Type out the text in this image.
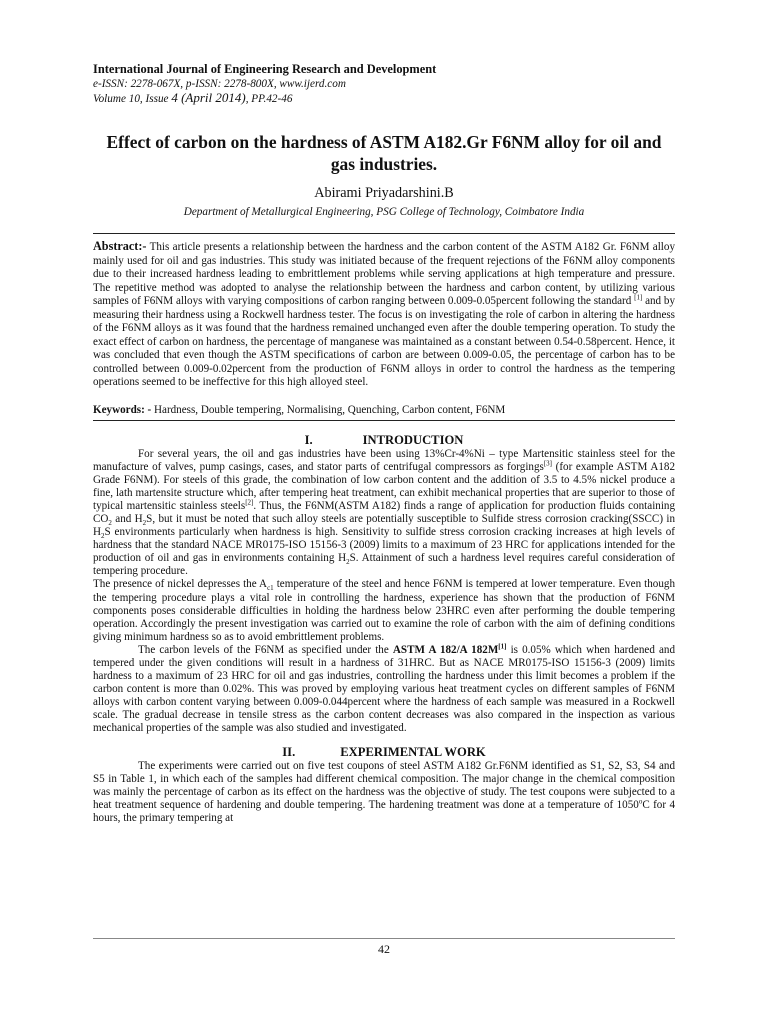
International Journal of Engineering Research and Development
e-ISSN: 2278-067X, p-ISSN: 2278-800X, www.ijerd.com
Volume 10, Issue 4 (April 2014), PP.42-46
Effect of carbon on the hardness of ASTM A182.Gr F6NM alloy for oil and gas industries.
Abirami Priyadarshini.B
Department of Metallurgical Engineering, PSG College of Technology, Coimbatore India
Abstract:- This article presents a relationship between the hardness and the carbon content of the ASTM A182 Gr. F6NM alloy mainly used for oil and gas industries. This study was initiated because of the frequent rejections of the F6NM alloy components due to their increased hardness leading to embrittlement problems while serving applications at high temperature and pressure. The repetitive method was adopted to analyse the relationship between the hardness and carbon content, by utilizing various samples of F6NM alloys with varying compositions of carbon ranging between 0.009-0.05percent following the standard [1] and by measuring their hardness using a Rockwell hardness tester. The focus is on investigating the role of carbon in altering the hardness of the F6NM alloys as it was found that the hardness remained unchanged even after the double tempering operation. To study the exact effect of carbon on hardness, the percentage of manganese was maintained as a constant between 0.54-0.58percent. Hence, it was concluded that even though the ASTM specifications of carbon are between 0.009-0.05, the percentage of carbon has to be controlled between 0.009-0.02percent from the production of F6NM alloys in order to control the hardness as the tempering operations seemed to be ineffective for this high alloyed steel.
Keywords: - Hardness, Double tempering, Normalising, Quenching, Carbon content, F6NM
I.	INTRODUCTION

For several years, the oil and gas industries have been using 13%Cr-4%Ni – type Martensitic stainless steel for the manufacture of valves, pump casings, cases, and stator parts of centrifugal compressors as forgings[3] (for example ASTM A182 Grade F6NM). For steels of this grade, the combination of low carbon content and the addition of 3.5 to 4.5% nickel produce a fine, lath martensite structure which, after tempering heat treatment, can exhibit mechanical properties that are superior to those of typical martensitic stainless steels[2]. Thus, the F6NM(ASTM A182) finds a range of application for production fluids containing $CO_2$ and $H_2S$, but it must be noted that such alloy steels are potentially susceptible to Sulfide stress corrosion cracking(SSCC) in $H_2S$ environments particularly when hardness is high. Sensitivity to sulfide stress corrosion cracking increases at high levels of hardness that the standard NACE MR0175-ISO 15156-3 (2009) limits to a maximum of 23 HRC for applications intended for the production of oil and gas in environments containing $H_2S$. Attainment of such a hardness level requires careful consideration of tempering procedure.

The presence of nickel depresses the $A_{c1}$ temperature of the steel and hence F6NM is tempered at lower temperature. Even though the tempering procedure plays a vital role in controlling the hardness, experience has shown that the production of F6NM components poses considerable difficulties in holding the hardness below 23HRC even after performing the double tempering operation. Accordingly the present investigation was carried out to examine the role of carbon with the aim of defining conditions giving minimum hardness so as to avoid embrittlement problems.

The carbon levels of the F6NM as specified under the ASTM A 182/A 182M[1] is 0.05% which when hardened and tempered under the given conditions will result in a hardness of 31HRC. But as NACE MR0175-ISO 15156-3 (2009) limits hardness to a maximum of 23 HRC for oil and gas industries, controlling the hardness under this limit becomes a problem if the carbon content is more than 0.02%. This was proved by employing various heat treatment cycles on different samples of F6NM alloys with carbon content varying between 0.009-0.044percent where the hardness of each sample was measured in a Rockwell scale. The gradual decrease in tensile stress as the carbon content decreases was also compared in the inspection as various mechanical properties of the sample was also studied and investigated.

II.	EXPERIMENTAL WORK

The experiments were carried out on five test coupons of steel ASTM A182 Gr.F6NM identified as S1, S2, S3, S4 and S5 in Table 1, in which each of the samples had different chemical composition. The major change in the chemical composition was mainly the percentage of carbon as its effect on the hardness was the objective of study. The test coupons were subjected to a heat treatment sequence of hardening and double tempering. The hardening treatment was done at a temperature of 1050$^o$C for 4 hours, the primary tempering at

42
